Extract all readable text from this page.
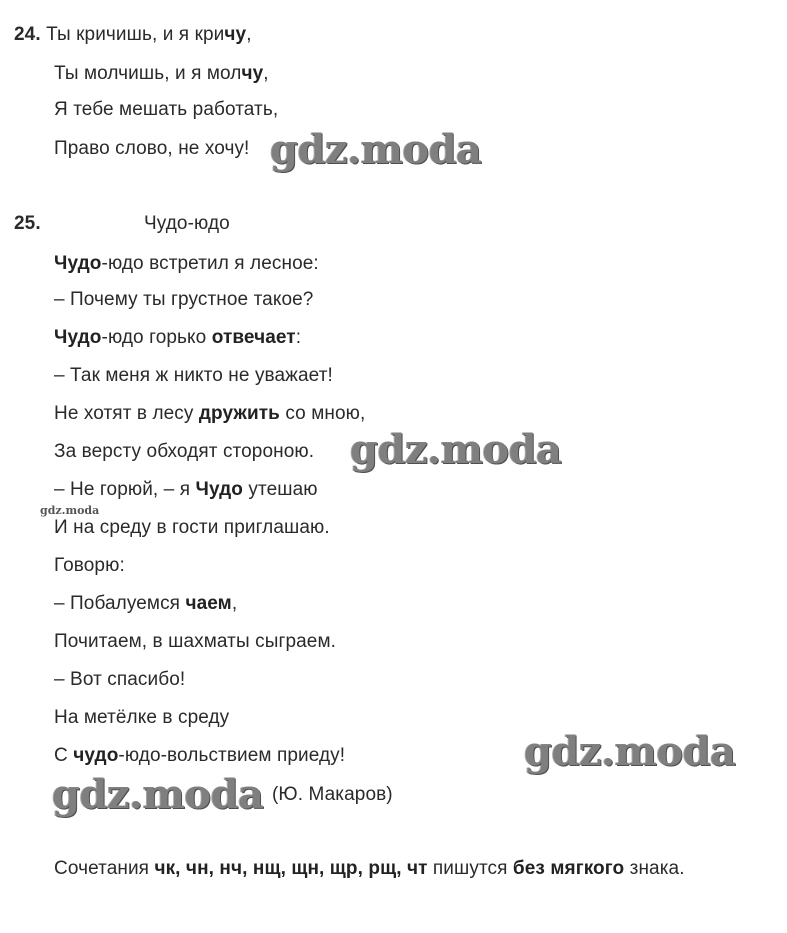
24. Ты кричишь, и я кричу,
Ты молчишь, и я молчу,
Я тебе мешать работать,
Право слово, не хочу!
25.	Чудо-юдо
Чудо-юдо встретил я лесное:
– Почему ты грустное такое?
Чудо-юдо горько отвечает:
– Так меня ж никто не уважает!
Не хотят в лесу дружить со мною,
За версту обходят стороною.
– Не горюй, – я Чудо утешаю
И на среду в гости приглашаю.
Говорю:
– Побалуемся чаем,
Почитаем, в шахматы сыграем.
– Вот спасибо!
На метёлке в среду
С чудо-юдо-вольствием приеду!
(Ю. Макаров)
Сочетания чк, чн, нч, нщ, щн, щр, рщ, чт пишутся без мягкого знака.
gdz.moda
gdz.moda
gdz.moda
gdz.moda
gdz.moda
